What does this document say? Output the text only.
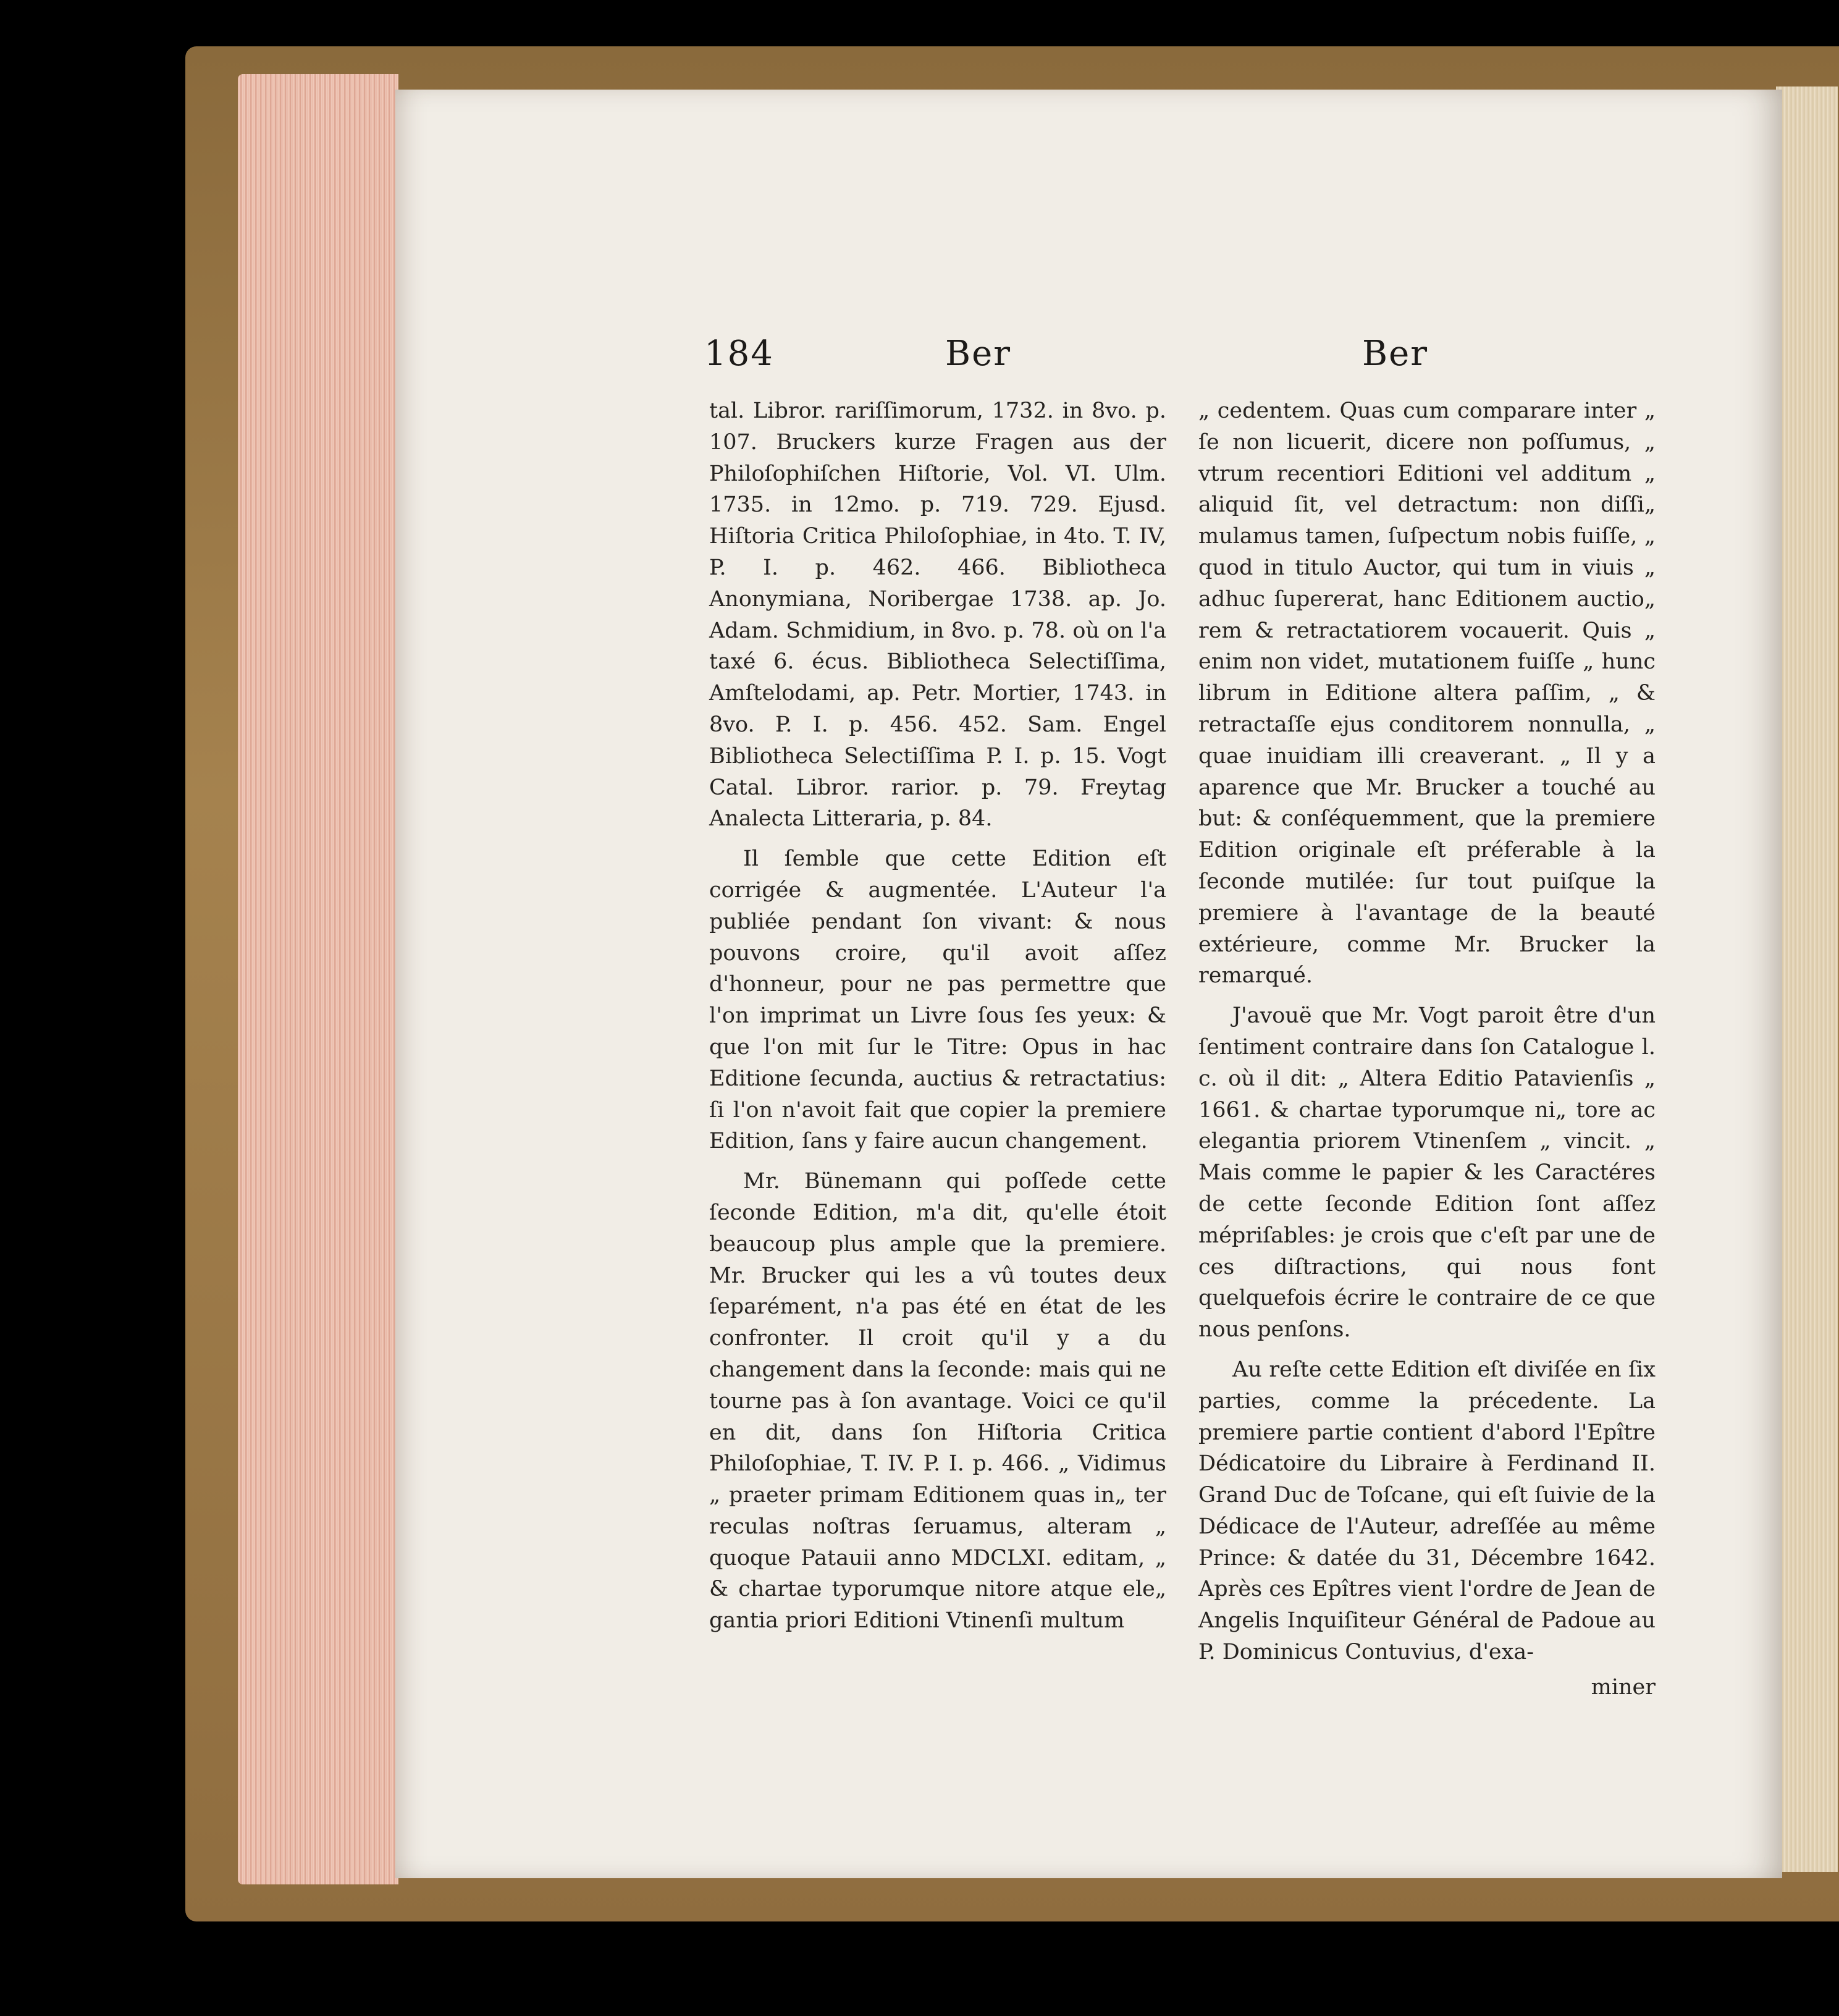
184	Ber	Ber

tal. Libror. rariſſimorum, 1732. in 8vo. p. 107. Bruckers kurze Fragen aus der Philoſophiſchen Hiſtorie, Vol. VI. Ulm. 1735. in 12mo. p. 719. 729. Ejusd. Hiſtoria Critica Philoſophiae, in 4to. T. IV, P. I. p. 462. 466. Bibliotheca Anonymiana, Noribergae 1738. ap. Jo. Adam. Schmidium, in 8vo. p. 78. où on l'a taxé 6. écus. Bibliotheca Selectiſſima, Amſtelodami, ap. Petr. Mortier, 1743. in 8vo. P. I. p. 456. 452. Sam. Engel Bibliotheca Selectiſſima P. I. p. 15. Vogt Catal. Libror. rarior. p. 79. Freytag Analecta Litteraria, p. 84.

Il ſemble que cette Edition eſt corrigée & augmentée. L'Auteur l'a publiée pendant ſon vivant: & nous pouvons croire, qu'il avoit aſſez d'honneur, pour ne pas permettre que l'on imprimat un Livre ſous ſes yeux: & que l'on mit ſur le Titre: Opus in hac Editione ſecunda, auctius & retractatius: ſi l'on n'avoit fait que copier la premiere Edition, ſans y faire aucun changement.

Mr. Bünemann qui poſſede cette ſeconde Edition, m'a dit, qu'elle étoit beaucoup plus ample que la premiere. Mr. Brucker qui les a vû toutes deux ſeparément, n'a pas été en état de les confronter. Il croit qu'il y a du changement dans la ſeconde: mais qui ne tourne pas à ſon avantage. Voici ce qu'il en dit, dans ſon Hiſtoria Critica Philoſophiae, T. IV. P. I. p. 466. „ Vidimus „ praeter primam Editionem quas in„ ter reculas noſtras ſeruamus, alteram „ quoque Patauii anno MDCLXI. editam, „ & chartae typorumque nitore atque ele„ gantia priori Editioni Vtinenſi multum

„ cedentem. Quas cum comparare inter „ ſe non licuerit, dicere non poſſumus, „ vtrum recentiori Editioni vel additum „ aliquid ſit, vel detractum: non diſſi„ mulamus tamen, ſuſpectum nobis fuiſſe, „ quod in titulo Auctor, qui tum in viuis „ adhuc ſupererat, hanc Editionem auctio„ rem & retractatiorem vocauerit. Quis „ enim non videt, mutationem fuiſſe „ hunc librum in Editione altera paſſim, „ & retractaſſe ejus conditorem nonnulla, „ quae inuidiam illi creaverant. „ Il y a aparence que Mr. Brucker a touché au but: & conſéquemment, que la premiere Edition originale eſt préferable à la ſeconde mutilée: ſur tout puiſque la premiere à l'avantage de la beauté extérieure, comme Mr. Brucker la remarqué.

J'avouë que Mr. Vogt paroit être d'un ſentiment contraire dans ſon Catalogue l. c. où il dit: „ Altera Editio Patavienſis „ 1661. & chartae typorumque ni„ tore ac elegantia priorem Vtinenſem „ vincit. „ Mais comme le papier & les Caractéres de cette ſeconde Edition ſont aſſez mépriſables: je crois que c'eſt par une de ces diſtractions, qui nous font quelquefois écrire le contraire de ce que nous penſons.

Au reſte cette Edition eſt diviſée en ſix parties, comme la précedente. La premiere partie contient d'abord l'Epître Dédicatoire du Libraire à Ferdinand II. Grand Duc de Toſcane, qui eſt ſuivie de la Dédicace de l'Auteur, adreſſée au même Prince: & datée du 31, Décembre 1642. Après ces Epîtres vient l'ordre de Jean de Angelis Inquiſiteur Général de Padoue au P. Dominicus Contuvius, d'exa-

miner
